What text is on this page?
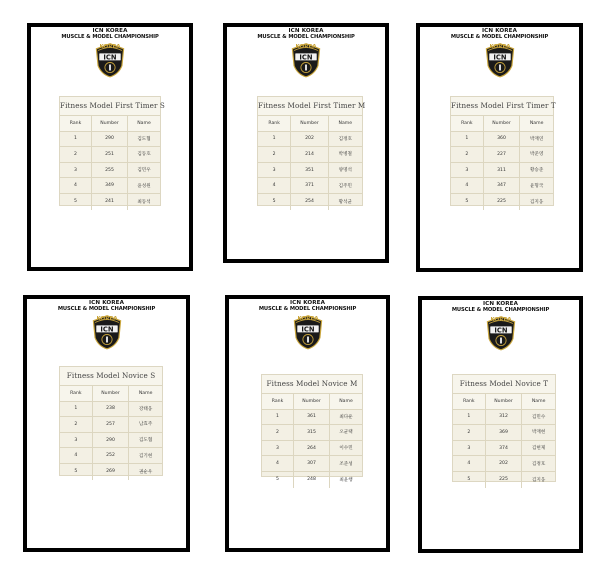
ICN KOREA
MUSCLE & MODEL CHAMPIONSHIP
KOREA
ICN
Fitness Model First Timer S
Rank	Number	Name
1	290	김도협
2	251	김동호
3	255	김민우
4	349	윤성원
5	241	최동석
ICN KOREA
MUSCLE & MODEL CHAMPIONSHIP
KOREA
ICN
Fitness Model First Timer M
Rank	Number	Name
1	202	김정호
2	214	박병철
3	351	양명석
4	371	김주민
5	254	황석균
ICN KOREA
MUSCLE & MODEL CHAMPIONSHIP
KOREA
ICN
Fitness Model First Timer T
Rank	Number	Name
1	360	박재연
2	227	박준영
3	311	황승준
4	347	윤형국
5	225	김지웅
ICN KOREA
MUSCLE & MODEL CHAMPIONSHIP
KOREA
ICN
Fitness Model Novice S
Rank	Number	Name
1	238	강태웅
2	257	남효주
3	290	김도협
4	252	김기현
5	269	권순우
ICN KOREA
MUSCLE & MODEL CHAMPIONSHIP
KOREA
ICN
Fitness Model Novice M
Rank	Number	Name
1	361	최다운
2	315	오균택
3	264	이수민
4	307	조준성
5	248	최윤행
ICN KOREA
MUSCLE & MODEL CHAMPIONSHIP
KOREA
ICN
Fitness Model Novice T
Rank	Number	Name
1	312	김민수
2	369	박재현
3	374	김현제
4	202	김정호
5	225	김지웅
